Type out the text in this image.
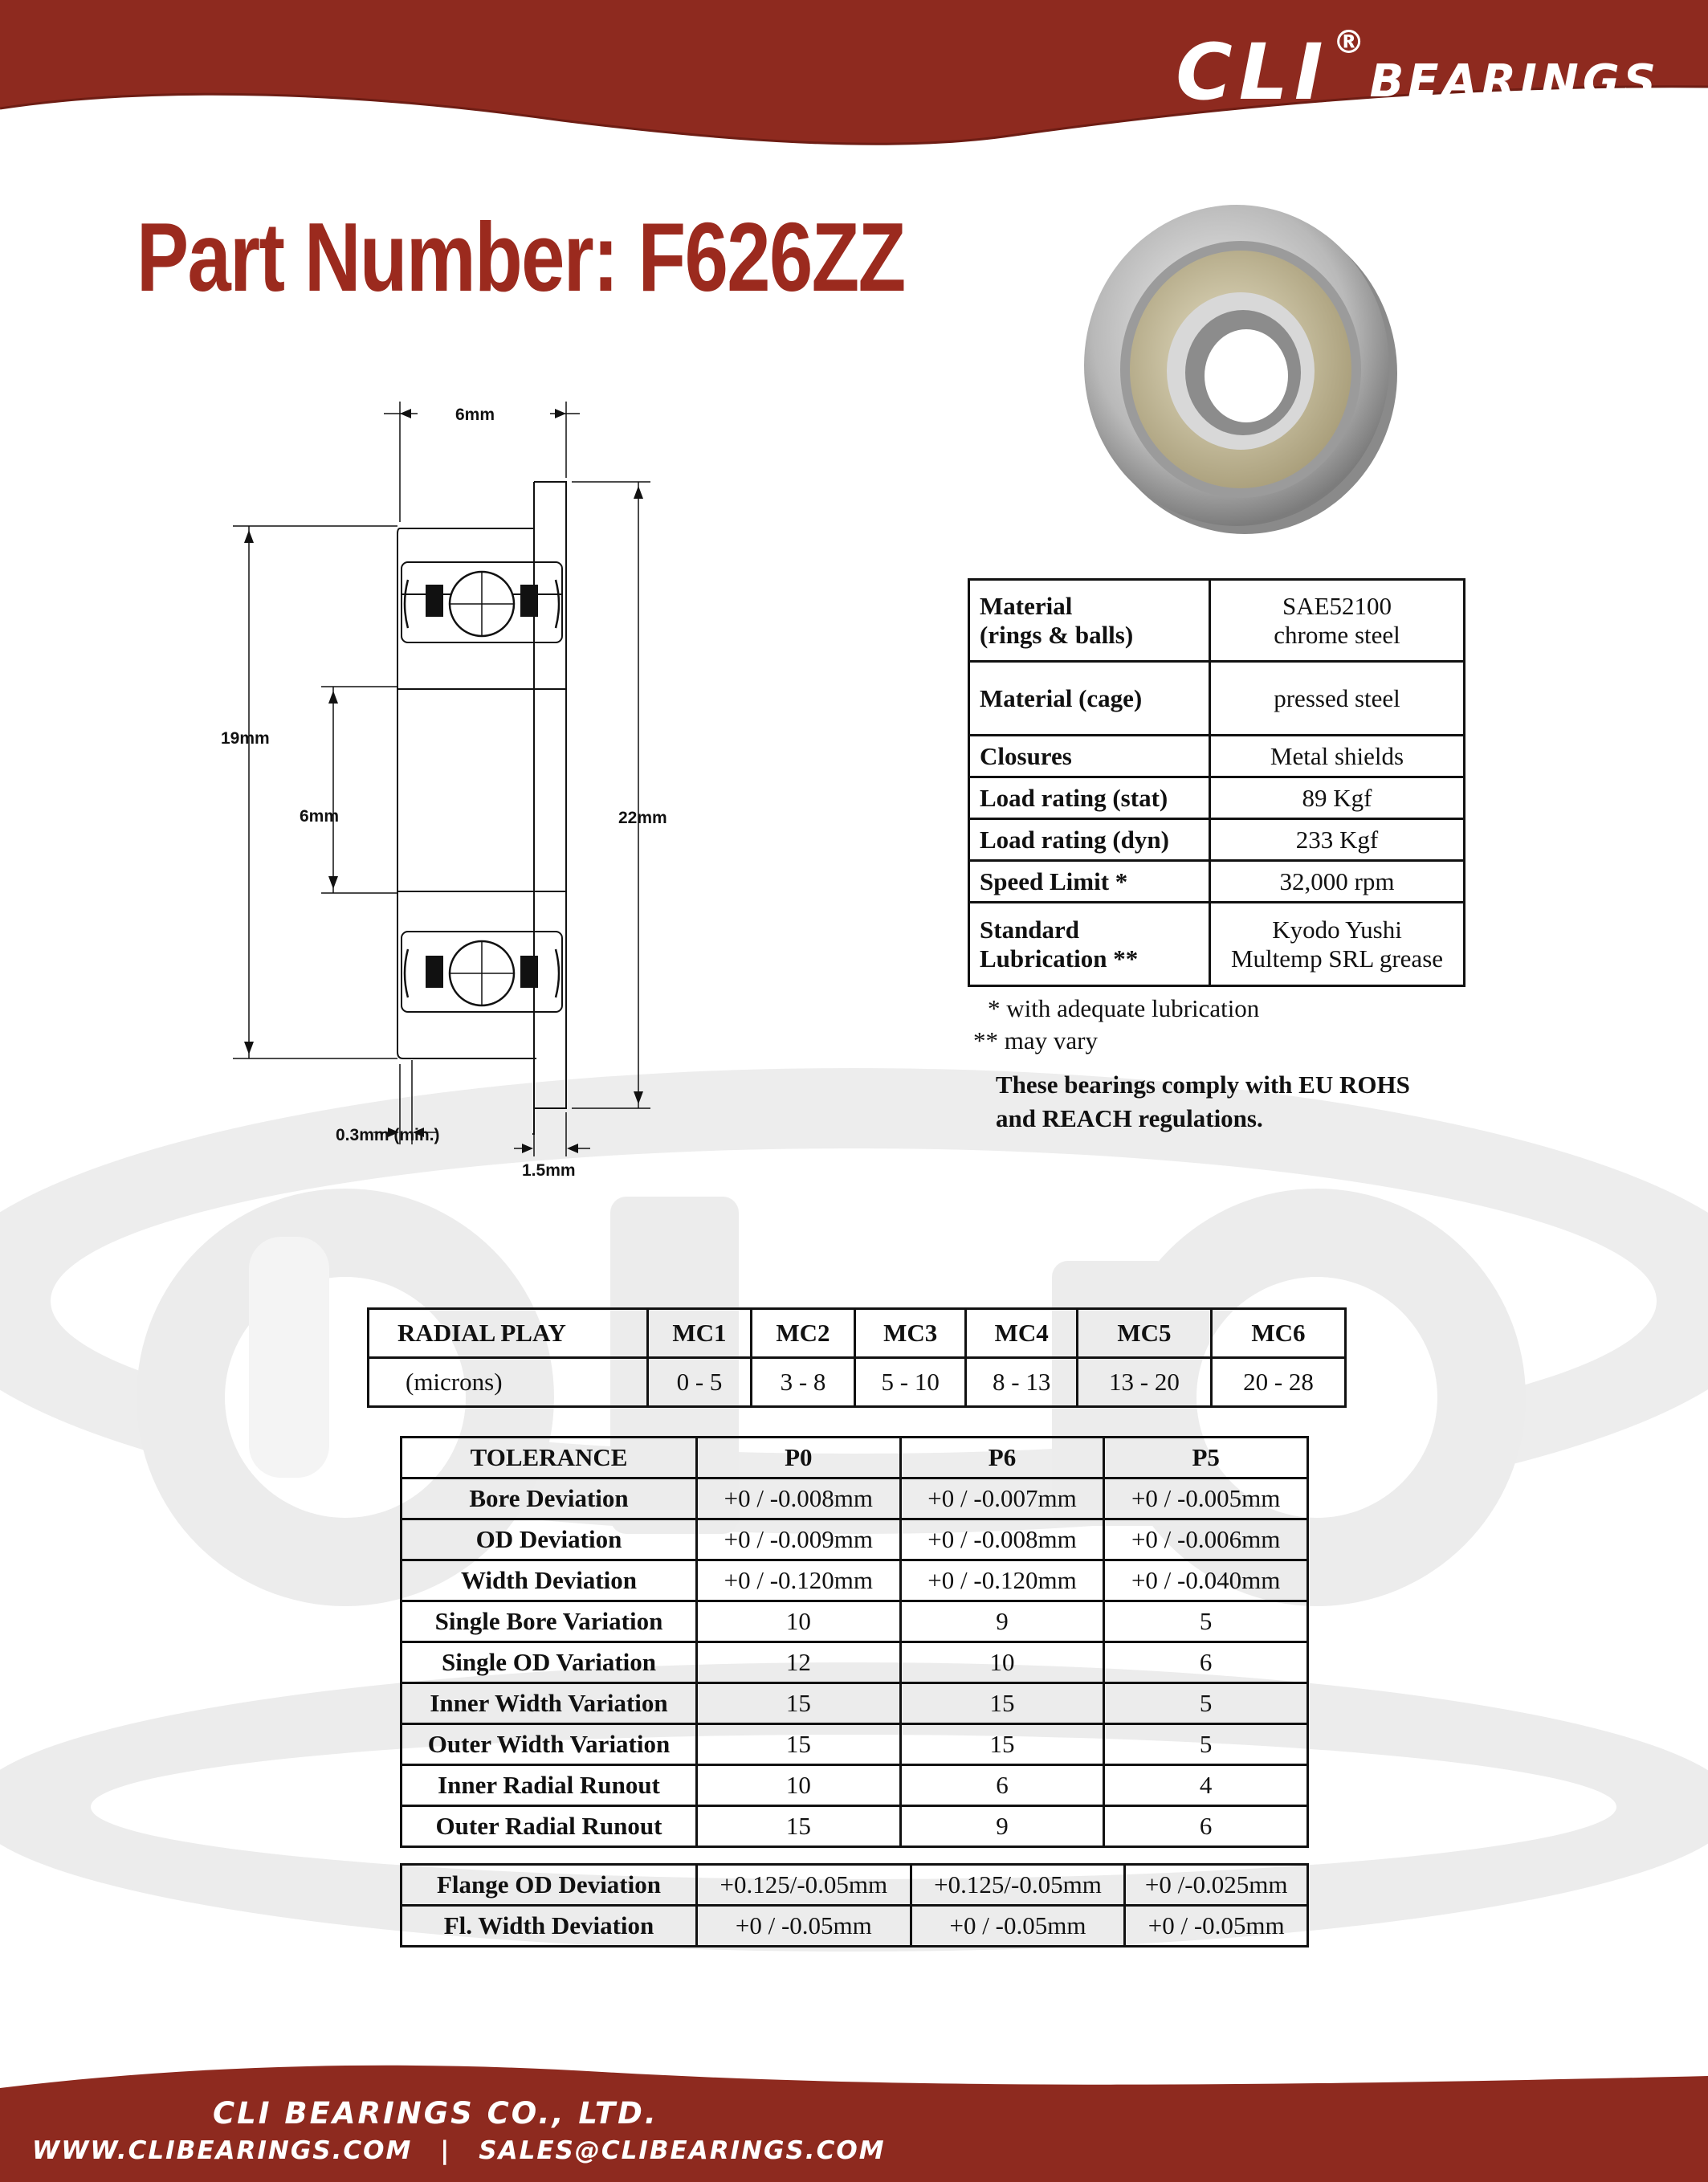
CLI ®
BEARINGS
Part Number: F626ZZ
6mm
19mm
6mm	22mm
0.3mm (min.)
1.5mm
Material
(rings & balls)	SAE52100
chrome steel
Material (cage)	pressed steel
Closures	Metal shields
Load rating (stat)	89 Kgf
Load rating (dyn)	233 Kgf
Speed Limit *	32,000 rpm
Standard
Lubrication **	Kyodo Yushi
Multemp SRL grease
* with adequate lubrication
** may vary
These bearings comply with EU ROHS
and REACH regulations.
RADIAL PLAY	MC1	MC2	MC3	MC4	MC5	MC6
(microns)	0 - 5	3 - 8	5 - 10	8 - 13	13 - 20	20 - 28
TOLERANCE	P0	P6	P5
Bore Deviation	+0 / -0.008mm	+0 / -0.007mm	+0 / -0.005mm
OD Deviation	+0 / -0.009mm	+0 / -0.008mm	+0 / -0.006mm
Width Deviation	+0 / -0.120mm	+0 / -0.120mm	+0 / -0.040mm
Single Bore Variation	10	9	5
Single OD Variation	12	10	6
Inner Width Variation	15	15	5
Outer Width Variation	15	15	5
Inner Radial Runout	10	6	4
Outer Radial Runout	15	9	6
Flange OD Deviation	+0.125/-0.05mm	+0.125/-0.05mm	+0 /-0.025mm
Fl. Width Deviation	+0 / -0.05mm	+0 / -0.05mm	+0 / -0.05mm
CLI BEARINGS CO., LTD.
WWW.CLIBEARINGS.COM | SALES@CLIBEARINGS.COM
